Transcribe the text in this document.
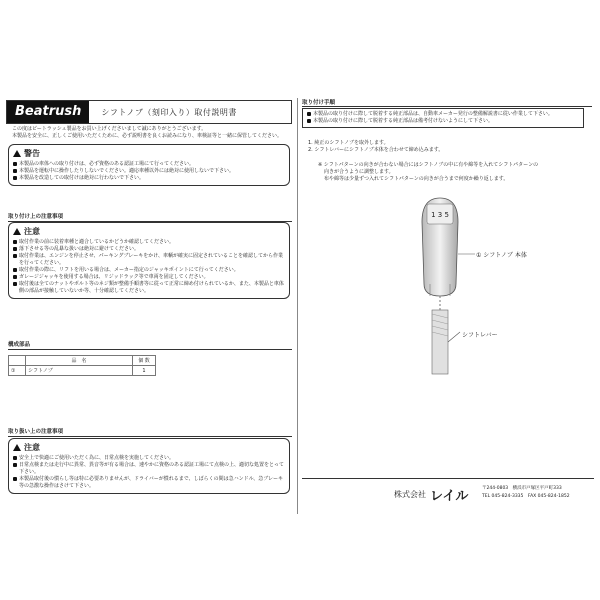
Beatrush	シフトノブ（刻印入り）取付説明書
この度はビートラッシュ製品をお買い上げくださいまして誠にありがとうございます。
本製品を安全に、正しくご使用いただくために、必ず説明書を良くお読みになり、車検証等と一緒に保管してください。
警告
本製品の車体への取り付けは、必ず資格のある認証工場にて行ってください。
本製品を運転中に操作したりしないでください。適応車種以外には絶対に使用しないで下さい。
本製品を改造しての取付けは絶対に行わないで下さい。
取り付け上の注意事項
注意
取付作業の前に装着車種と適合しているかどうか確認してください。
落下させる等の乱暴な扱いは絶対に避けてください。
取付作業は、エンジンを停止させ、パーキングブレーキをかけ、車輌が確実に固定されていることを確認してから作業を行ってください。
取付作業の際に、リフトを用いる場合は、メーカー指定のジャッキポイントにて行ってください。
ガレージジャッキを使用する場合は、リジッドラック等で車両を固定してください。
取付後は全てのナットやボルト等のネジ類が整備手順書等に従って正常に締め付けられているか、また、本製品と車体側の部品が接触していないか等、十分確認してください。
構成部品
	品　名	個 数
①	シフトノブ	1
取り扱い上の注意事項
注意
安全上で快適にご使用いただく為に、日常点検を実施してください。
日常点検または走行中に異常、異音等が有る場合は、速やかに資格のある認証工場にて点検の上、適切な処置をとって下さい。
本製品取付後の慣らし等は特に必要ありませんが、ドライバーが慣れるまで、しばらくの間は急ハンドル、急ブレーキ等の急激な操作はさけて下さい。
取り付け手順
本製品の取り付けに際して脱着する純正部品は、自動車メーカー発行の整備解説書に従い作業して下さい。
本製品の取り付けに際して脱着する純正部品は備考付けないようにして下さい。
1. 純正のシフトノブを取外します。
2. シフトレバーにシフトノブ本体を合わせて締め込みます。
※ シフトパターンの向きが合わない場合にはシフトノブの中に有や綿等を入れてシフトパターンの
向きが合うように調整します。
布や綿等は少量ずつ入れてシフトパターンの向きが合うまで何度か繰り返します。
1 3 5
① シフトノブ 本体
シフトレバー
株式会社 レイル
〒244-0803　横浜市戸塚区平戸町333
TEL 045-824-3335　FAX 045-824-1852
